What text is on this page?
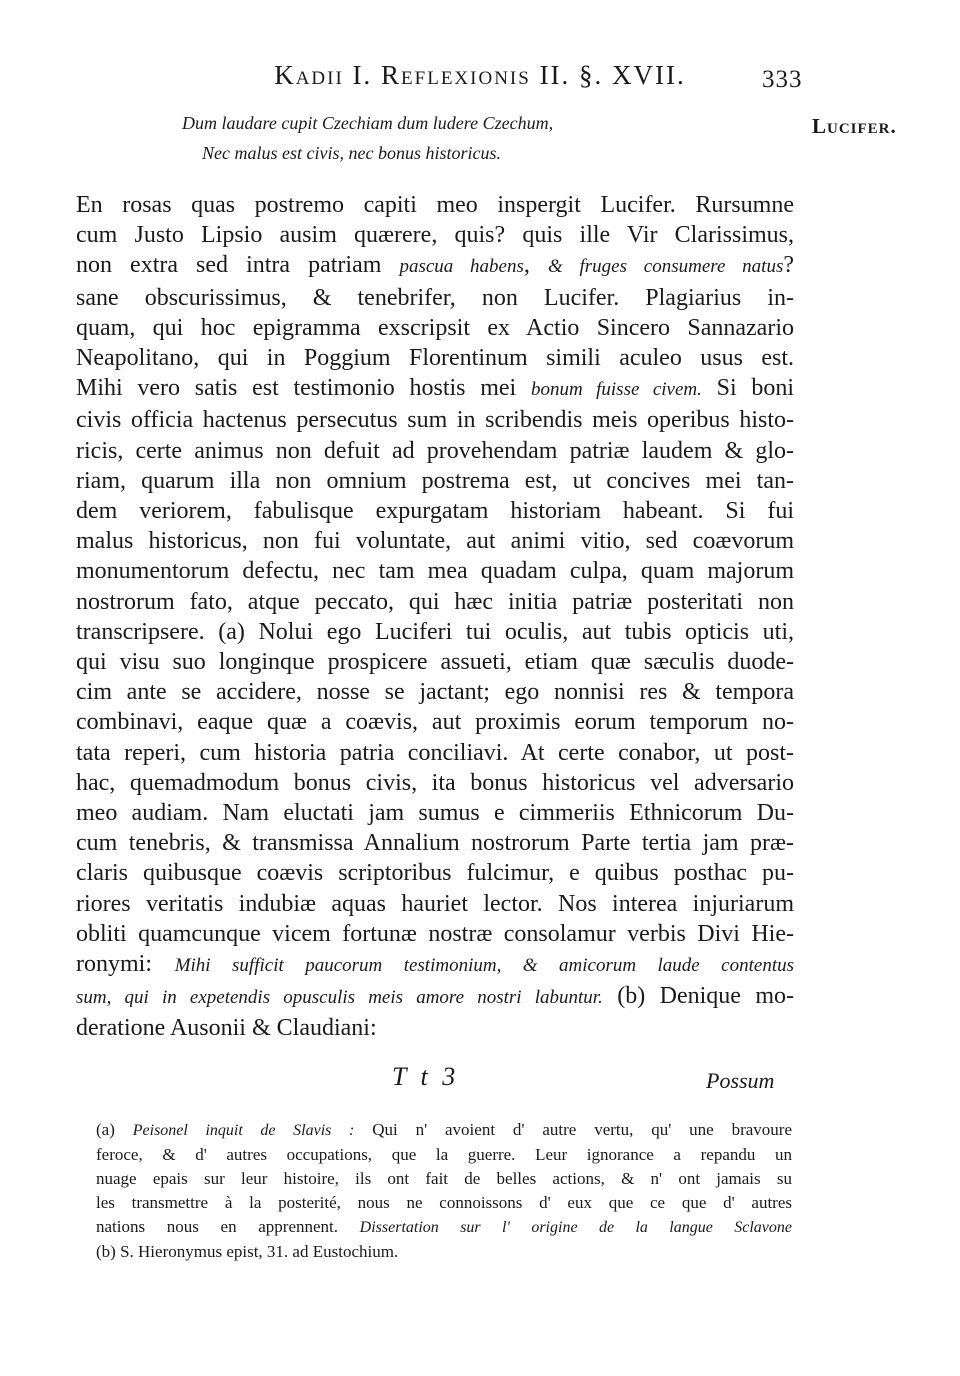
Kadii I. Reflexionis II. §. XVII.	333
Lucifer.
Dum laudare cupit Czechiam dum ludere Czechum,
Nec malus est civis, nec bonus historicus.
En rosas quas postremo capiti meo inspergit Lucifer. Rursumne
cum Justo Lipsio ausim quærere, quis? quis ille Vir Clarissimus,
non extra sed intra patriam pascua habens, & fruges consumere natus?
sane obscurissimus, & tenebrifer, non Lucifer. Plagiarius in-
quam, qui hoc epigramma exscripsit ex Actio Sincero Sannazario
Neapolitano, qui in Poggium Florentinum simili aculeo usus est.
Mihi vero satis est testimonio hostis mei bonum fuisse civem. Si boni
civis officia hactenus persecutus sum in scribendis meis operibus histo-
ricis, certe animus non defuit ad provehendam patriæ laudem & glo-
riam, quarum illa non omnium postrema est, ut concives mei tan-
dem veriorem, fabulisque expurgatam historiam habeant. Si fui
malus historicus, non fui voluntate, aut animi vitio, sed coævorum
monumentorum defectu, nec tam mea quadam culpa, quam majorum
nostrorum fato, atque peccato, qui hæc initia patriæ posteritati non
transcripsere. (a) Nolui ego Luciferi tui oculis, aut tubis opticis uti,
qui visu suo longinque prospicere assueti, etiam quæ sæculis duode-
cim ante se accidere, nosse se jactant; ego nonnisi res & tempora
combinavi, eaque quæ a coævis, aut proximis eorum temporum no-
tata reperi, cum historia patria conciliavi. At certe conabor, ut post-
hac, quemadmodum bonus civis, ita bonus historicus vel adversario
meo audiam. Nam eluctati jam sumus e cimmeriis Ethnicorum Du-
cum tenebris, & transmissa Annalium nostrorum Parte tertia jam præ-
claris quibusque coævis scriptoribus fulcimur, e quibus posthac pu-
riores veritatis indubiæ aquas hauriet lector. Nos interea injuriarum
obliti quamcunque vicem fortunæ nostræ consolamur verbis Divi Hie-
ronymi: Mihi sufficit paucorum testimonium, & amicorum laude contentus
sum, qui in expetendis opusculis meis amore nostri labuntur. (b) Denique mo-
deratione Ausonii & Claudiani:
T t 3	Possum
(a) Peisonel inquit de Slavis : Qui n' avoient d' autre vertu, qu' une bravoure
feroce, & d' autres occupations, que la guerre. Leur ignorance a repandu un
nuage epais sur leur histoire, ils ont fait de belles actions, & n' ont jamais su
les transmettre à la posterité, nous ne connoissons d' eux que ce que d' autres
nations nous en apprennent. Dissertation sur l' origine de la langue Sclavone
(b) S. Hieronymus epist, 31. ad Eustochium.
